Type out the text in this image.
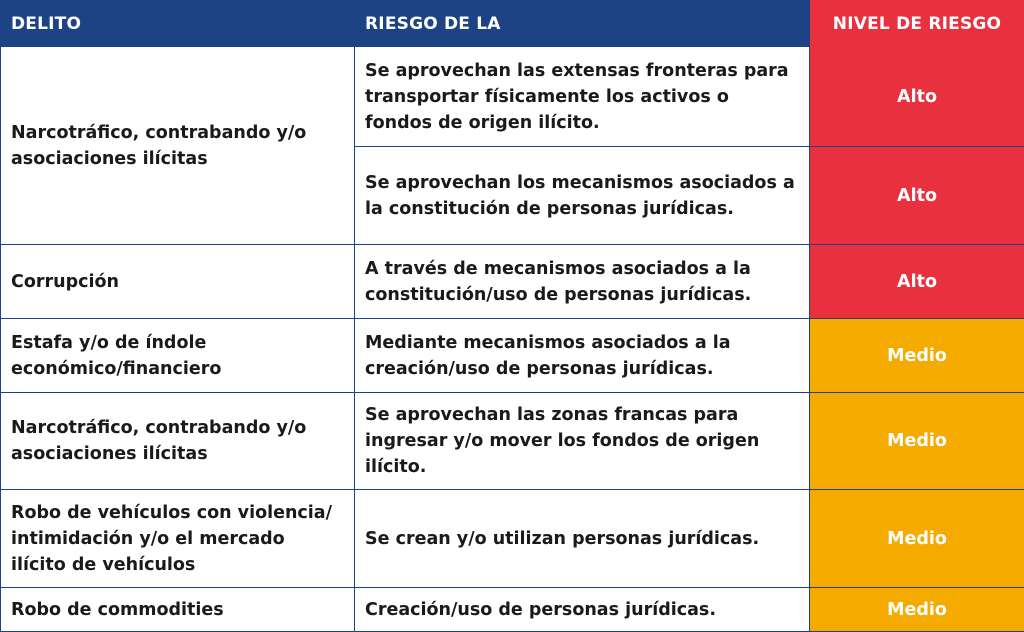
DELITO	RIESGO DE LA	NIVEL DE RIESGO
Narcotráfico, contrabando y/o asociaciones ilícitas	Se aprovechan las extensas fronteras para transportar físicamente los activos o fondos de origen ilícito.	Alto
	Se aprovechan los mecanismos asociados a la constitución de personas jurídicas.	Alto
Corrupción	A través de mecanismos asociados a la constitución/uso de personas jurídicas.	Alto
Estafa y/o de índole económico/financiero	Mediante mecanismos asociados a la creación/uso de personas jurídicas.	Medio
Narcotráfico, contrabando y/o asociaciones ilícitas	Se aprovechan las zonas francas para ingresar y/o mover los fondos de origen ilícito.	Medio
Robo de vehículos con violencia/ intimidación y/o el mercado ilícito de vehículos	Se crean y/o utilizan personas jurídicas.	Medio
Robo de commodities	Creación/uso de personas jurídicas.	Medio
